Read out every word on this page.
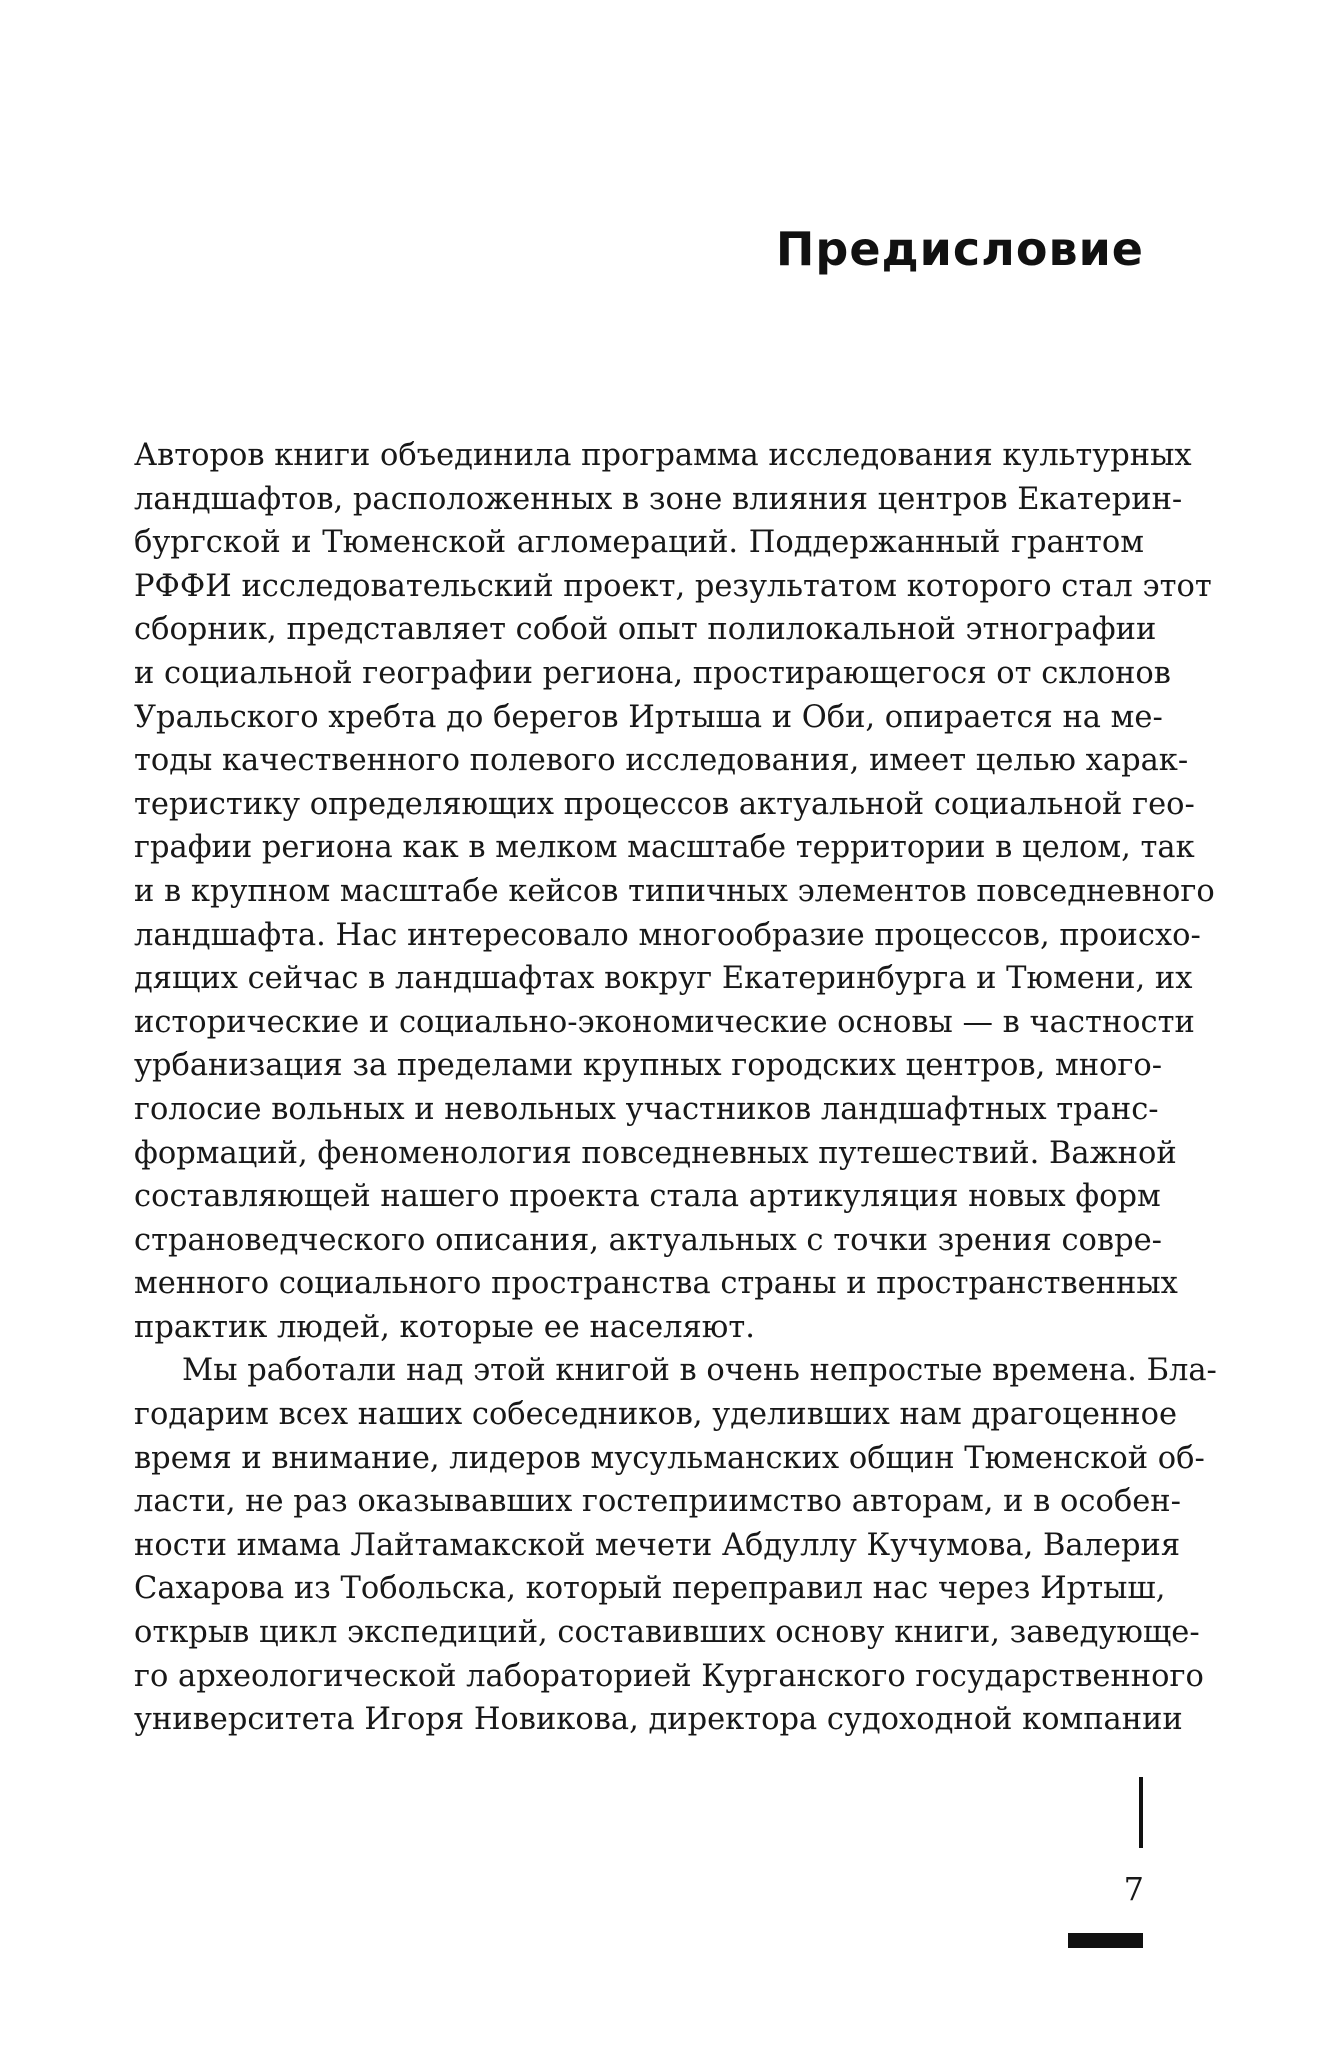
Предисловие
Авторов книги объединила программа исследования культурных
ландшафтов, расположенных в зоне влияния центров Екатерин-
бургской и Тюменской агломераций. Поддержанный грантом
РФФИ исследовательский проект, результатом которого стал этот
сборник, представляет собой опыт полилокальной этнографии
и социальной географии региона, простирающегося от склонов
Уральского хребта до берегов Иртыша и Оби, опирается на ме-
тоды качественного полевого исследования, имеет целью харак-
теристику определяющих процессов актуальной социальной гео-
графии региона как в мелком масштабе территории в целом, так
и в крупном масштабе кейсов типичных элементов повседневного
ландшафта. Нас интересовало многообразие процессов, происхо-
дящих сейчас в ландшафтах вокруг Екатеринбурга и Тюмени, их
исторические и социально-экономические основы — в частности
урбанизация за пределами крупных городских центров, много-
голосие вольных и невольных участников ландшафтных транс-
формаций, феноменология повседневных путешествий. Важной
составляющей нашего проекта стала артикуляция новых форм
страноведческого описания, актуальных с точки зрения совре-
менного социального пространства страны и пространственных
практик людей, которые ее населяют.
Мы работали над этой книгой в очень непростые времена. Бла-
годарим всех наших собеседников, уделивших нам драгоценное
время и внимание, лидеров мусульманских общин Тюменской об-
ласти, не раз оказывавших гостеприимство авторам, и в особен-
ности имама Лайтамакской мечети Абдуллу Кучумова, Валерия
Сахарова из Тобольска, который переправил нас через Иртыш,
открыв цикл экспедиций, составивших основу книги, заведующе-
го археологической лабораторией Курганского государственного
университета Игоря Новикова, директора судоходной компании
7
